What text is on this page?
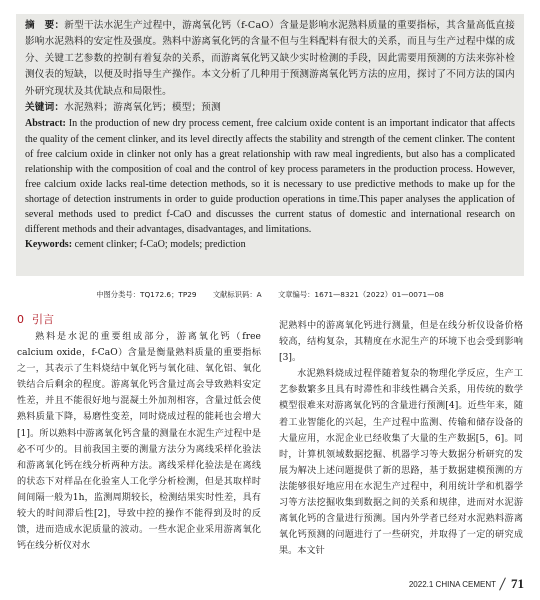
摘　要：新型干法水泥生产过程中，游离氧化钙（f-CaO）含量是影响水泥熟料质量的重要指标，其含量高低直接影响水泥熟料的安定性及强度。熟料中游离氧化钙的含量不但与生料配料有很大的关系，而且与生产过程中煤的成分、关键工艺参数的控制有着复杂的关系，而游离氧化钙又缺少实时检测的手段，因此需要用预测的方法来弥补检测仪表的短缺，以便及时指导生产操作。本文分析了几种用于预测游离氧化钙方法的应用，探讨了不同方法的国内外研究现状及其优缺点和局限性。

关键词：水泥熟料；游离氧化钙；模型；预测

Abstract: In the production of new dry process cement, free calcium oxide content is an important indicator that affects the quality of the cement clinker, and its level directly affects the stability and strength of the cement clinker. The content of free calcium oxide in clinker not only has a great relationship with raw meal ingredients, but also has a complicated relationship with the composition of coal and the control of key process parameters in the production process. However, free calcium oxide lacks real-time detection methods, so it is necessary to use predictive methods to make up for the shortage of detection instruments in order to guide production operations in time.This paper analyses the application of several methods used to predict f-CaO and discusses the current status of domestic and international research on different methods and their advantages, disadvantages, and limitations.

Keywords: cement clinker; f-CaO; models; prediction

中图分类号：TQ172.6；TP29 文献标识码：A 文章编号：1671—8321（2022）01—0071—08
0 引言

熟料是水泥的重要组成部分，游离氧化钙（free calcium oxide，f-CaO）含量是衡量熟料质量的重要指标之一，其表示了生料烧结中氧化钙与氧化硅、氧化铝、氧化铁结合后剩余的程度。游离氧化钙含量过高会导致熟料安定性差，并且不能很好地与混凝土外加剂相容，含量过低会使熟料质量下降，易磨性变差，同时烧成过程的能耗也会增大[1]。所以熟料中游离氧化钙含量的测量在水泥生产过程中是必不可少的。目前我国主要的测量方法分为离线采样化验法和游离氧化钙在线分析两种方法。离线采样化验法是在离线的状态下对样品在化验室人工化学分析检测，但是其取样时间间隔一般为1h，监测周期较长，检测结果实时性差，具有较大的时间滞后性[2]，导致中控的操作不能得到及时的反馈，进而造成水泥质量的波动。一些水泥企业采用游离氧化钙在线分析仪对水

泥熟料中的游离氧化钙进行测量，但是在线分析仪设备价格较高，结构复杂，其精度在水泥生产的环境下也会受到影响[3]。

水泥熟料烧成过程伴随着复杂的物理化学反应，生产工艺参数繁多且具有时滞性和非线性耦合关系，用传统的数学模型很难来对游离氧化钙的含量进行预测[4]。近些年来，随着工业智能化的兴起，生产过程中监测、传输和储存设备的大量应用，水泥企业已经收集了大量的生产数据[5，6]。同时，计算机领域数据挖掘、机器学习等大数据分析研究的发展为解决上述问题提供了新的思路，基于数据建模预测的方法能够很好地应用在水泥生产过程中，利用统计学和机器学习等方法挖掘收集到数据之间的关系和规律，进而对水泥游离氧化钙的含量进行预测。国内外学者已经对水泥熟料游离氧化钙预测的问题进行了一些研究，并取得了一定的研究成果。本文针

2022.1
CHINA CEMENT 71
